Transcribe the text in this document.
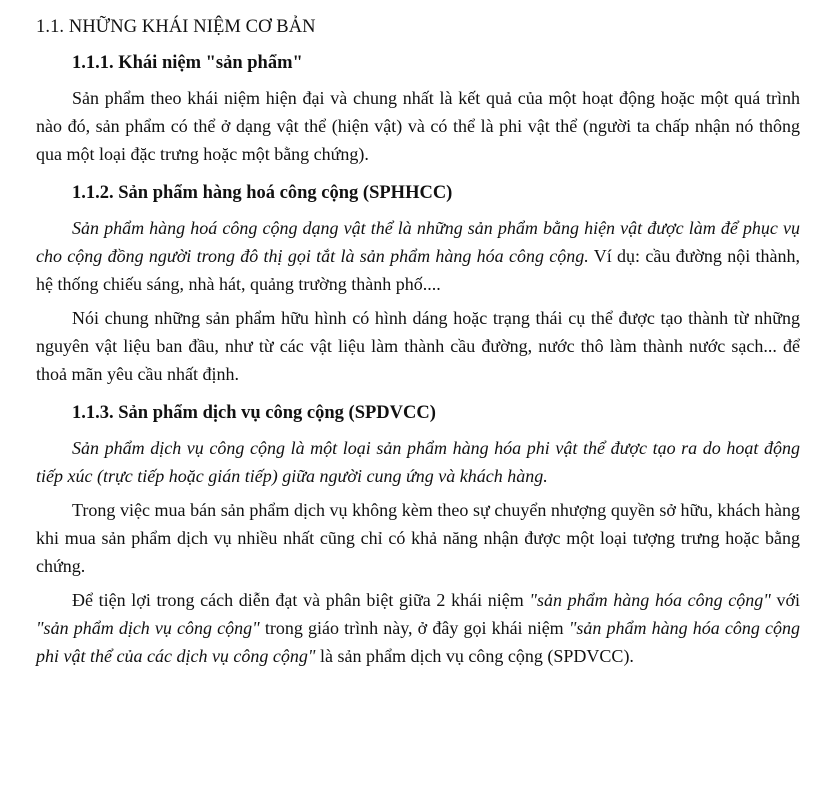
1.1. NHỮNG KHÁI NIỆM CƠ BẢN
1.1.1. Khái niệm "sản phẩm"

Sản phẩm theo khái niệm hiện đại và chung nhất là kết quả của một hoạt động hoặc một quá trình nào đó, sản phẩm có thể ở dạng vật thể (hiện vật) và có thể là phi vật thể (người ta chấp nhận nó thông qua một loại đặc trưng hoặc một bằng chứng).

1.1.2. Sản phẩm hàng hoá công cộng (SPHHCC)

Sản phẩm hàng hoá công cộng dạng vật thể là những sản phẩm bằng hiện vật được làm để phục vụ cho cộng đồng người trong đô thị gọi tắt là sản phẩm hàng hóa công cộng. Ví dụ: cầu đường nội thành, hệ thống chiếu sáng, nhà hát, quảng trường thành phố....

Nói chung những sản phẩm hữu hình có hình dáng hoặc trạng thái cụ thể được tạo thành từ những nguyên vật liệu ban đầu, như từ các vật liệu làm thành cầu đường, nước thô làm thành nước sạch... để thoả mãn yêu cầu nhất định.

1.1.3. Sản phẩm dịch vụ công cộng (SPDVCC)

Sản phẩm dịch vụ công cộng là một loại sản phẩm hàng hóa phi vật thể được tạo ra do hoạt động tiếp xúc (trực tiếp hoặc gián tiếp) giữa người cung ứng và khách hàng.

Trong việc mua bán sản phẩm dịch vụ không kèm theo sự chuyển nhượng quyền sở hữu, khách hàng khi mua sản phẩm dịch vụ nhiều nhất cũng chỉ có khả năng nhận được một loại tượng trưng hoặc bằng chứng.

Để tiện lợi trong cách diễn đạt và phân biệt giữa 2 khái niệm "sản phẩm hàng hóa công cộng" với "sản phẩm dịch vụ công cộng" trong giáo trình này, ở đây gọi khái niệm "sản phẩm hàng hóa công cộng phi vật thể của các dịch vụ công cộng" là sản phẩm dịch vụ công cộng (SPDVCC).
